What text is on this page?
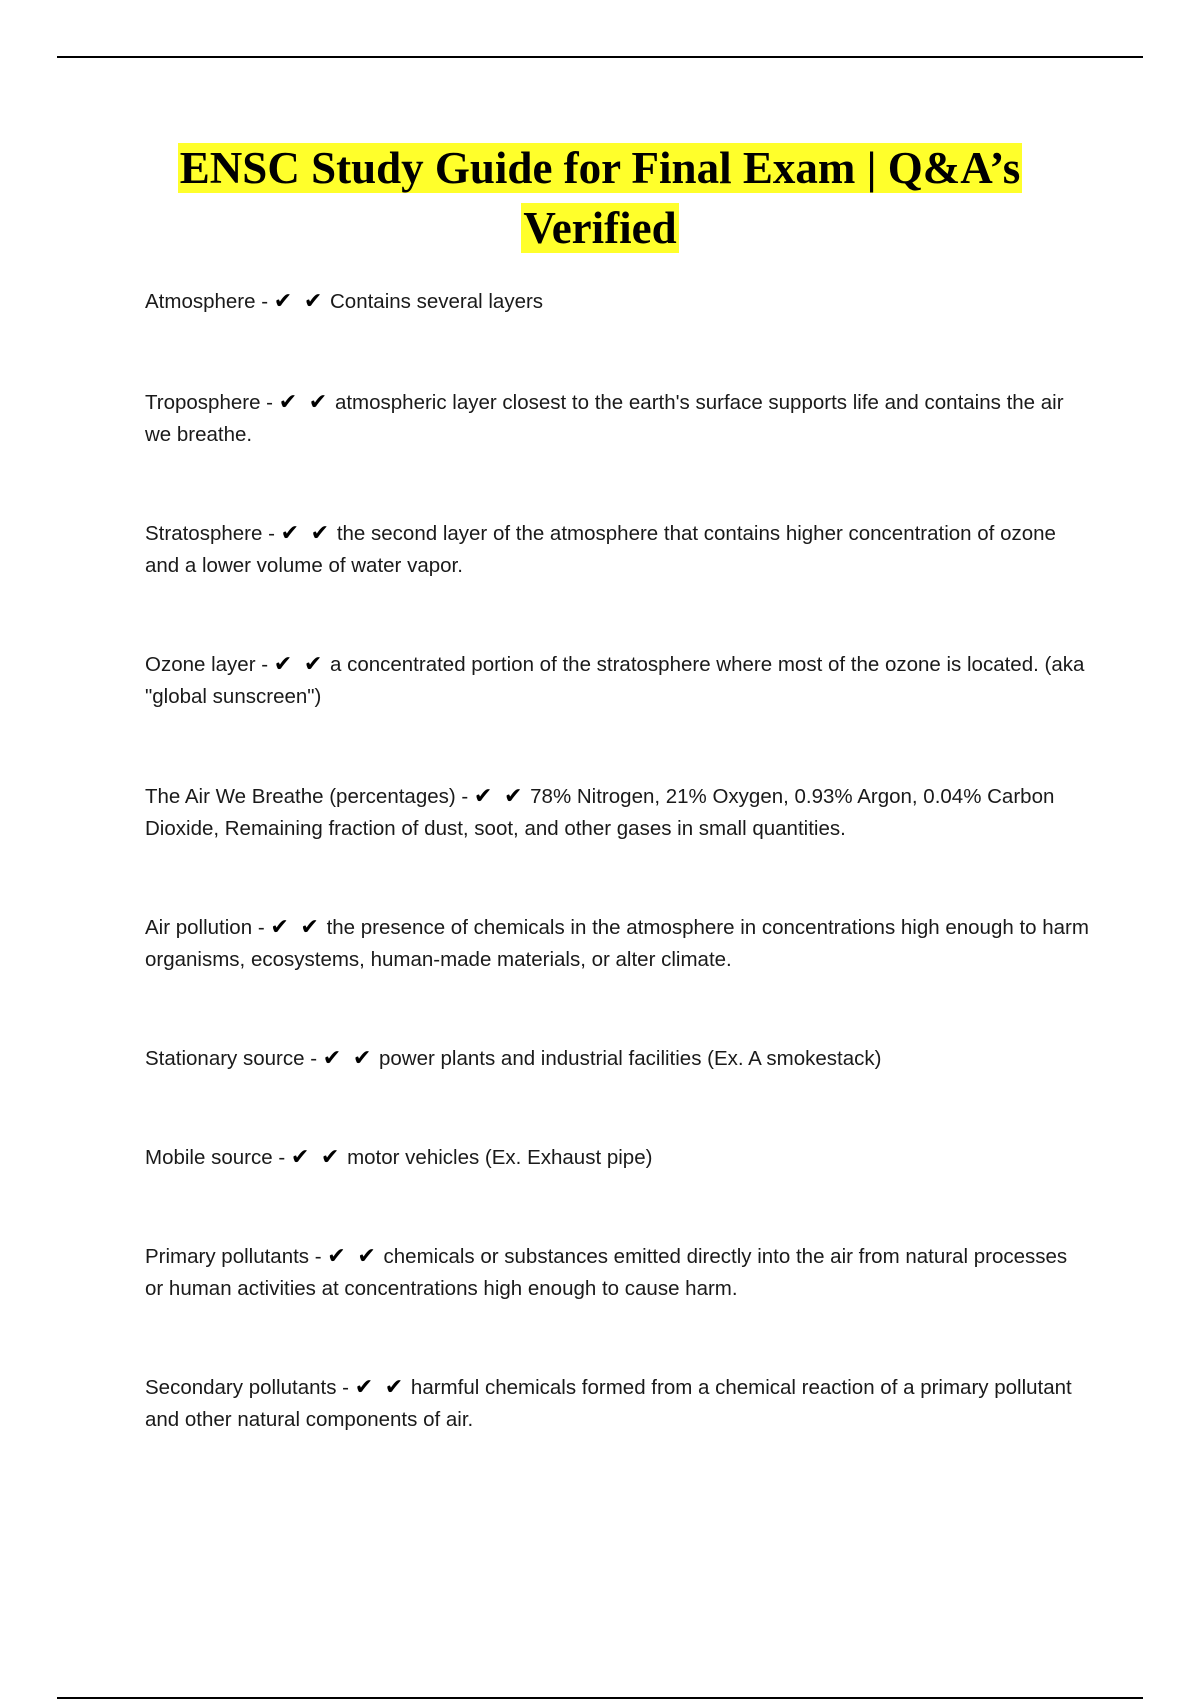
ENSC Study Guide for Final Exam | Q&A’s
Verified
Atmosphere - ✔ ✔ Contains several layers
Troposphere - ✔ ✔ atmospheric layer closest to the earth's surface supports life and contains the air we breathe.
Stratosphere - ✔ ✔ the second layer of the atmosphere that contains higher concentration of ozone and a lower volume of water vapor.
Ozone layer - ✔ ✔ a concentrated portion of the stratosphere where most of the ozone is located. (aka "global sunscreen")
The Air We Breathe (percentages) - ✔ ✔ 78% Nitrogen, 21% Oxygen, 0.93% Argon, 0.04% Carbon Dioxide, Remaining fraction of dust, soot, and other gases in small quantities.
Air pollution - ✔ ✔ the presence of chemicals in the atmosphere in concentrations high enough to harm organisms, ecosystems, human-made materials, or alter climate.
Stationary source - ✔ ✔ power plants and industrial facilities (Ex. A smokestack)
Mobile source - ✔ ✔ motor vehicles (Ex. Exhaust pipe)
Primary pollutants - ✔ ✔ chemicals or substances emitted directly into the air from natural processes or human activities at concentrations high enough to cause harm.
Secondary pollutants - ✔ ✔ harmful chemicals formed from a chemical reaction of a primary pollutant and other natural components of air.
